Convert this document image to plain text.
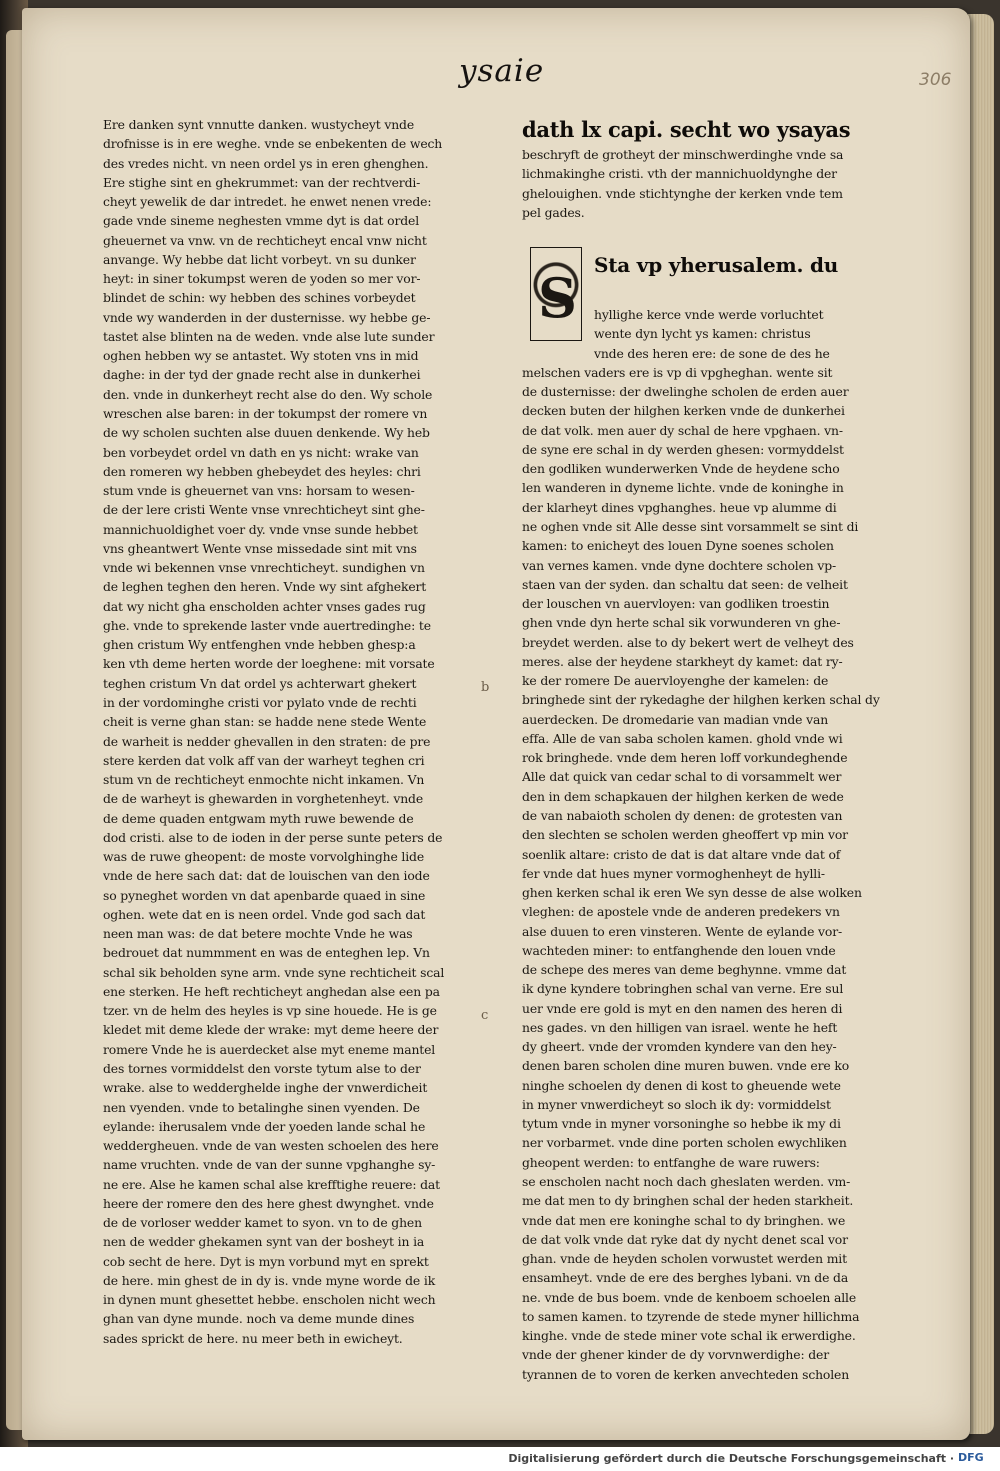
ysaie	306
Ere danken synt vnnutte danken. wustycheyt vnde
drofnisse is in ere weghe. vnde se enbekenten de wech
des vredes nicht. vn neen ordel ys in eren ghenghen.
Ere stighe sint en ghekrummet: van der rechtverdi-
cheyt yewelik de dar intredet. he enwet nenen vrede:
gade vnde sineme neghesten vmme dyt is dat ordel
gheuernet va vnw. vn de rechticheyt encal vnw nicht
anvange. Wy hebbe dat licht vorbeyt. vn su dunker
heyt: in siner tokumpst weren de yoden so mer vor-
blindet de schin: wy hebben des schines vorbeydet
vnde wy wanderden in der dusternisse. wy hebbe ge-
tastet alse blinten na de weden. vnde alse lute sunder
oghen hebben wy se antastet. Wy stoten vns in mid
daghe: in der tyd der gnade recht alse in dunkerhei
den. vnde in dunkerheyt recht alse do den. Wy schole
wreschen alse baren: in der tokumpst der romere vn
de wy scholen suchten alse duuen denkende. Wy heb
ben vorbeydet ordel vn dath en ys nicht: wrake van
den romeren wy hebben ghebeydet des heyles: chri
stum vnde is gheuernet van vns: horsam to wesen-
de der lere cristi Wente vnse vnrechticheyt sint ghe-
mannichuoldighet voer dy. vnde vnse sunde hebbet
vns gheantwert Wente vnse missedade sint mit vns
vnde wi bekennen vnse vnrechticheyt. sundighen vn
de leghen teghen den heren. Vnde wy sint afghekert
dat wy nicht gha enscholden achter vnses gades rug
ghe. vnde to sprekende laster vnde auertredinghe: te
ghen cristum Wy entfenghen vnde hebben ghesp:a
ken vth deme herten worde der loeghene: mit vorsate
teghen cristum Vn dat ordel ys achterwart ghekert
in der vordominghe cristi vor pylato vnde de rechti
cheit is verne ghan stan: se hadde nene stede Wente
de warheit is nedder ghevallen in den straten: de pre
stere kerden dat volk aff van der warheyt teghen cri
stum vn de rechticheyt enmochte nicht inkamen. Vn
de de warheyt is ghewarden in vorghetenheyt. vnde
de deme quaden entgwam myth ruwe bewende de
dod cristi. alse to de ioden in der perse sunte peters de
was de ruwe gheopent: de moste vorvolghinghe lide
vnde de here sach dat: dat de louischen van den iode
so pyneghet worden vn dat apenbarde quaed in sine
oghen. wete dat en is neen ordel. Vnde god sach dat
neen man was: de dat betere mochte Vnde he was
bedrouet dat nummment en was de enteghen lep. Vn
schal sik beholden syne arm. vnde syne rechticheit scal
ene sterken. He heft rechticheyt anghedan alse een pa
tzer. vn de helm des heyles is vp sine houede. He is ge
kledet mit deme klede der wrake: myt deme heere der
romere Vnde he is auerdecket alse myt eneme mantel
des tornes vormiddelst den vorste tytum alse to der
wrake. alse to wedderghelde inghe der vnwerdicheit
nen vyenden. vnde to betalinghe sinen vyenden. De
eylande: iherusalem vnde der yoeden lande schal he
weddergheuen. vnde de van westen schoelen des here
name vruchten. vnde de van der sunne vpghanghe sy-
ne ere. Alse he kamen schal alse krefftighe reuere: dat
heere der romere den des here ghest dwynghet. vnde
de de vorloser wedder kamet to syon. vn to de ghen
nen de wedder ghekamen synt van der bosheyt in ia
cob secht de here. Dyt is myn vorbund myt en sprekt
de here. min ghest de in dy is. vnde myne worde de ik
in dynen munt ghesettet hebbe. enscholen nicht wech
ghan van dyne munde. noch va deme munde dines
sades sprickt de here. nu meer beth in ewicheyt.
dath lx capi. secht wo ysayas
beschryft de grotheyt der minschwerdinghe vnde sa
lichmakinghe cristi. vth der mannichuoldynghe der
ghelouighen. vnde stichtynghe der kerken vnde tem
pel gades.
S
Sta vp yherusalem. du
hyllighe kerce vnde werde vorluchtet
wente dyn lycht ys kamen: christus
vnde des heren ere: de sone de des he
melschen vaders ere is vp di vpgheghan. wente sit
de dusternisse: der dwelinghe scholen de erden auer
decken buten der hilghen kerken vnde de dunkerhei
de dat volk. men auer dy schal de here vpghaen. vn-
de syne ere schal in dy werden ghesen: vormyddelst
den godliken wunderwerken Vnde de heydene scho
len wanderen in dyneme lichte. vnde de koninghe in
der klarheyt dines vpghanghes. heue vp alumme di
ne oghen vnde sit Alle desse sint vorsammelt se sint di
kamen: to enicheyt des louen Dyne soenes scholen
van vernes kamen. vnde dyne dochtere scholen vp-
staen van der syden. dan schaltu dat seen: de velheit
der louschen vn auervloyen: van godliken troestin
ghen vnde dyn herte schal sik vorwunderen vn ghe-
breydet werden. alse to dy bekert wert de velheyt des
meres. alse der heydene starkheyt dy kamet: dat ry-
ke der romere De auervloyenghe der kamelen: de
bringhede sint der rykedaghe der hilghen kerken schal dy
auerdecken. De dromedarie van madian vnde van
effa. Alle de van saba scholen kamen. ghold vnde wi
rok bringhede. vnde dem heren loff vorkundeghende
Alle dat quick van cedar schal to di vorsammelt wer
den in dem schapkauen der hilghen kerken de wede
de van nabaioth scholen dy denen: de grotesten van
den slechten se scholen werden gheoffert vp min vor
soenlik altare: cristo de dat is dat altare vnde dat of
fer vnde dat hues myner vormoghenheyt de hylli-
ghen kerken schal ik eren We syn desse de alse wolken
vleghen: de apostele vnde de anderen predekers vn
alse duuen to eren vinsteren. Wente de eylande vor-
wachteden miner: to entfanghende den louen vnde
de schepe des meres van deme beghynne. vmme dat
ik dyne kyndere tobringhen schal van verne. Ere sul
uer vnde ere gold is myt en den namen des heren di
nes gades. vn den hilligen van israel. wente he heft
dy gheert. vnde der vromden kyndere van den hey-
denen baren scholen dine muren buwen. vnde ere ko
ninghe schoelen dy denen di kost to gheuende wete
in myner vnwerdicheyt so sloch ik dy: vormiddelst
tytum vnde in myner vorsoninghe so hebbe ik my di
ner vorbarmet. vnde dine porten scholen ewychliken
gheopent werden: to entfanghe de ware ruwers:
se enscholen nacht noch dach gheslaten werden. vm-
me dat men to dy bringhen schal der heden starkheit.
vnde dat men ere koninghe schal to dy bringhen. we
de dat volk vnde dat ryke dat dy nycht denet scal vor
ghan. vnde de heyden scholen vorwustet werden mit
ensamheyt. vnde de ere des berghes lybani. vn de da
ne. vnde de bus boem. vnde de kenboem schoelen alle
to samen kamen. to tzyrende de stede myner hillichma
kinghe. vnde de stede miner vote schal ik erwerdighe.
vnde der ghener kinder de dy vorvnwerdighe: der
tyrannen de to voren de kerken anvechteden scholen
b
c
Digitalisierung gefördert durch die Deutsche Forschungsgemeinschaft · DFG
